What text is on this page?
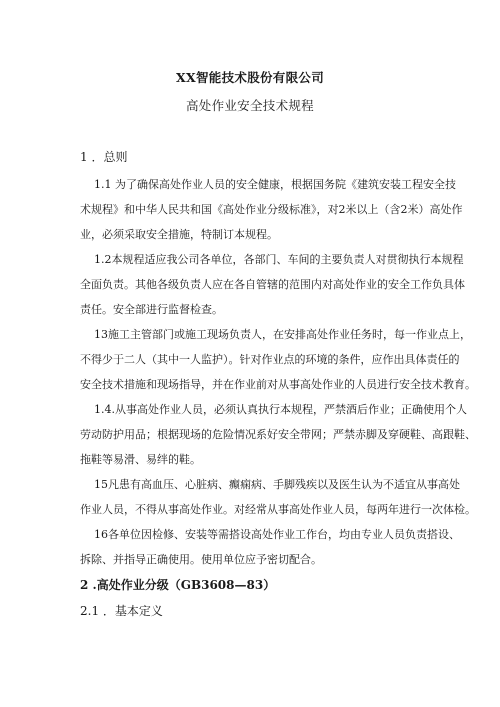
XX智能技术股份有限公司
高处作业安全技术规程
1 ．总则
1.1 为了确保高处作业人员的安全健康，根据国务院《建筑安装工程安全技
术规程》和中华人民共和国《高处作业分级标准》，对2米以上（含2米）高处作
业，必须采取安全措施，特制订本规程。
1.2本规程适应我公司各单位，各部门、车间的主要负责人对贯彻执行本规程
全面负责。其他各级负责人应在各自管辖的范围内对高处作业的安全工作负具体
责任。安全部进行监督检查。
13施工主管部门或施工现场负责人，在安排高处作业任务时，每一作业点上，
不得少于二人（其中一人监护）。针对作业点的环境的条件，应作出具体责任的
安全技术措施和现场指导，并在作业前对从事高处作业的人员进行安全技术教育。
1.4.从事高处作业人员，必须认真执行本规程，严禁酒后作业；正确使用个人
劳动防护用品；根据现场的危险情况系好安全带网；严禁赤脚及穿硬鞋、高跟鞋、
拖鞋等易滑、易绊的鞋。
15凡患有高血压、心脏病、癫痫病、手脚残疾以及医生认为不适宜从事高处
作业人员，不得从事高处作业。对经常从事高处作业人员，每两年进行一次体检。
16各单位因检修、安装等需搭设高处作业工作台，均由专业人员负责搭设、
拆除、并指导正确使用。使用单位应予密切配合。
2 .高处作业分级（GB3608—83）
2.1 ．基本定义
